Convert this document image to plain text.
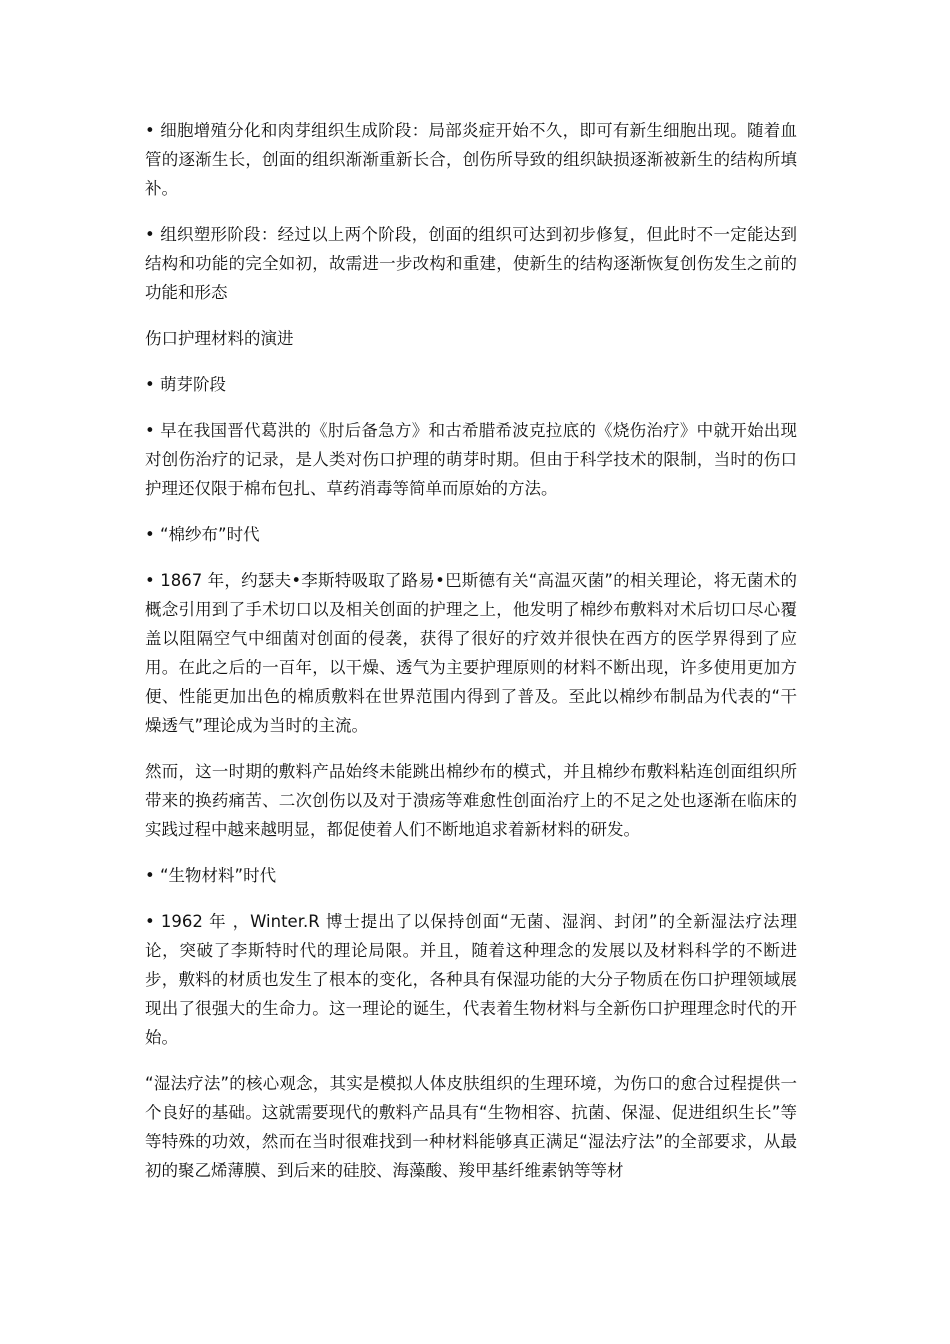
• 细胞增殖分化和肉芽组织生成阶段：局部炎症开始不久，即可有新生细胞出现。随着血管的逐渐生长，创面的组织渐渐重新长合，创伤所导致的组织缺损逐渐被新生的结构所填补。

• 组织塑形阶段：经过以上两个阶段，创面的组织可达到初步修复，但此时不一定能达到结构和功能的完全如初，故需进一步改构和重建，使新生的结构逐渐恢复创伤发生之前的功能和形态

伤口护理材料的演进

• 萌芽阶段

• 早在我国晋代葛洪的《肘后备急方》和古希腊希波克拉底的《烧伤治疗》中就开始出现对创伤治疗的记录，是人类对伤口护理的萌芽时期。但由于科学技术的限制，当时的伤口护理还仅限于棉布包扎、草药消毒等简单而原始的方法。

• “棉纱布”时代

• 1867 年，约瑟夫•李斯特吸取了路易•巴斯德有关“高温灭菌”的相关理论，将无菌术的概念引用到了手术切口以及相关创面的护理之上，他发明了棉纱布敷料对术后切口尽心覆盖以阻隔空气中细菌对创面的侵袭，获得了很好的疗效并很快在西方的医学界得到了应用。在此之后的一百年，以干燥、透气为主要护理原则的材料不断出现，许多使用更加方便、性能更加出色的棉质敷料在世界范围内得到了普及。至此以棉纱布制品为代表的“干燥透气”理论成为当时的主流。

然而，这一时期的敷料产品始终未能跳出棉纱布的模式，并且棉纱布敷料粘连创面组织所带来的换药痛苦、二次创伤以及对于溃疡等难愈性创面治疗上的不足之处也逐渐在临床的实践过程中越来越明显，都促使着人们不断地追求着新材料的研发。

• “生物材料”时代

• 1962 年 ，Winter.R 博士提出了以保持创面“无菌、湿润、封闭”的全新湿法疗法理论，突破了李斯特时代的理论局限。并且，随着这种理念的发展以及材料科学的不断进步，敷料的材质也发生了根本的变化，各种具有保湿功能的大分子物质在伤口护理领域展现出了很强大的生命力。这一理论的诞生，代表着生物材料与全新伤口护理理念时代的开始。

“湿法疗法”的核心观念，其实是模拟人体皮肤组织的生理环境，为伤口的愈合过程提供一个良好的基础。这就需要现代的敷料产品具有“生物相容、抗菌、保湿、促进组织生长”等等特殊的功效，然而在当时很难找到一种材料能够真正满足“湿法疗法”的全部要求，从最初的聚乙烯薄膜、到后来的硅胶、海藻酸、羧甲基纤维素钠等等材
